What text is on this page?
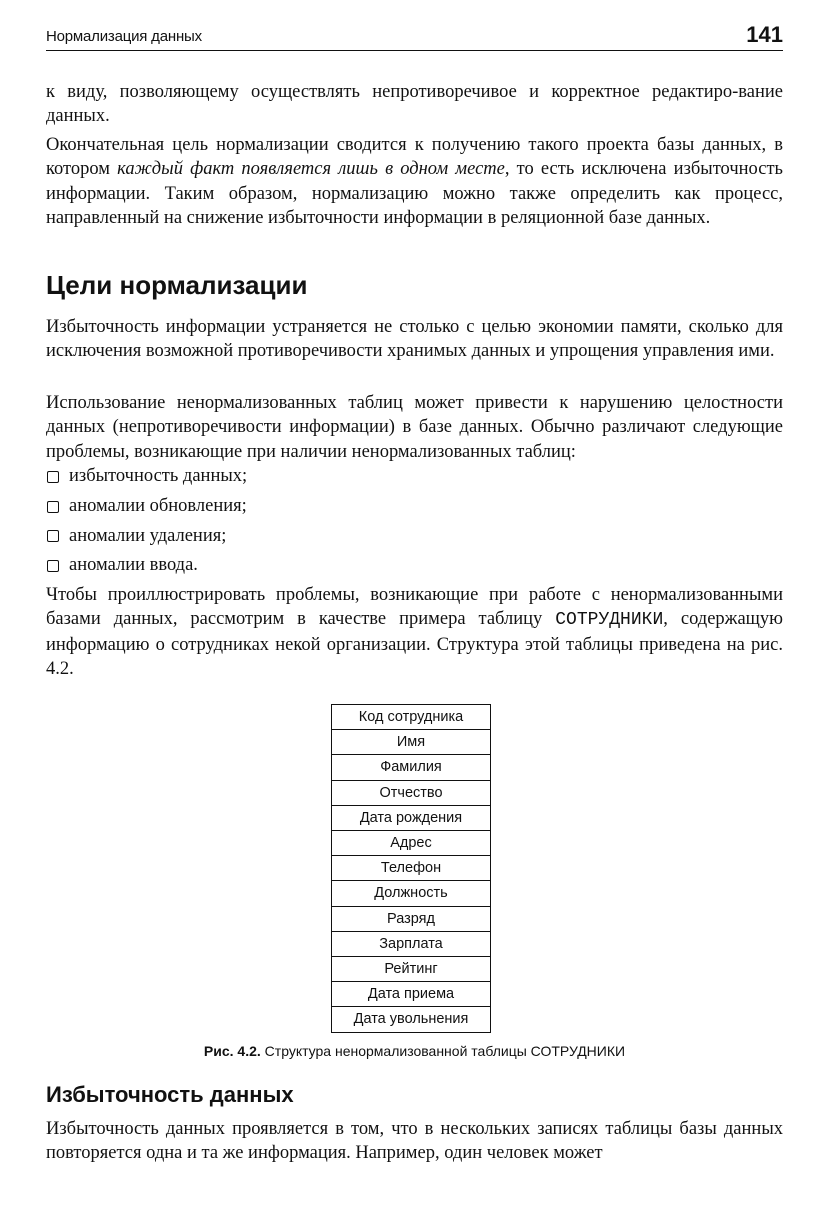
Нормализация данных	141

к виду, позволяющему осуществлять непротиворечивое и корректное редактиро-вание данных.

Окончательная цель нормализации сводится к получению такого проекта базы данных, в котором каждый факт появляется лишь в одном месте, то есть исключена избыточность информации. Таким образом, нормализацию можно также определить как процесс, направленный на снижение избыточности информации в реляционной базе данных.

Цели нормализации

Избыточность информации устраняется не столько с целью экономии памяти, сколько для исключения возможной противоречивости хранимых данных и упрощения управления ими.

Использование ненормализованных таблиц может привести к нарушению целостности данных (непротиворечивости информации) в базе данных. Обычно различают следующие проблемы, возникающие при наличии ненормализованных таблиц:

избыточность данных;
аномалии обновления;
аномалии удаления;
аномалии ввода.

Чтобы проиллюстрировать проблемы, возникающие при работе с ненормализованными базами данных, рассмотрим в качестве примера таблицу СОТРУДНИКИ, содержащую информацию о сотрудниках некой организации. Структура этой таблицы приведена на рис. 4.2.

Код сотрудника
Имя
Фамилия
Отчество
Дата рождения
Адрес
Телефон
Должность
Разряд
Зарплата
Рейтинг
Дата приема
Дата увольнения
Рис. 4.2. Структура ненормализованной таблицы СОТРУДНИКИ
Избыточность данных

Избыточность данных проявляется в том, что в нескольких записях таблицы базы данных повторяется одна и та же информация. Например, один человек может
